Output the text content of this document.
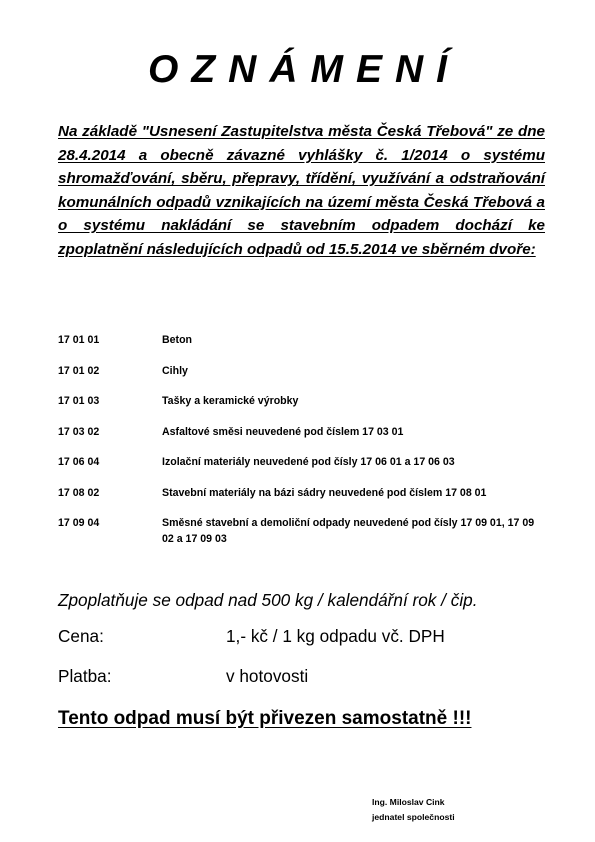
OZNÁMENÍ
Na základě "Usnesení Zastupitelstva města Česká Třebová" ze dne 28.4.2014 a obecně závazné vyhlášky č. 1/2014 o systému shromažďování, sběru, přepravy, třídění, využívání a odstraňování komunálních odpadů vznikajících na území města Česká Třebová a o systému nakládání se stavebním odpadem dochází ke zpoplatnění následujících odpadů od 15.5.2014 ve sběrném dvoře:
17 01 01	Beton
17 01 02	Cihly
17 01 03	Tašky a keramické výrobky
17 03 02	Asfaltové směsi neuvedené pod číslem 17 03 01
17 06 04	Izolační materiály neuvedené pod čísly 17 06 01 a 17 06 03
17 08 02	Stavební materiály na bázi sádry neuvedené pod číslem 17 08 01
17 09 04	Směsné stavební a demoliční odpady neuvedené pod čísly 17 09 01, 17 09 02 a 17 09 03
Zpoplatňuje se odpad nad 500 kg / kalendářní rok / čip.
Cena:	1,- kč / 1 kg odpadu vč. DPH
Platba:	v hotovosti
Tento odpad musí být přivezen samostatně !!!
Ing. Miloslav Cink
jednatel společnosti
